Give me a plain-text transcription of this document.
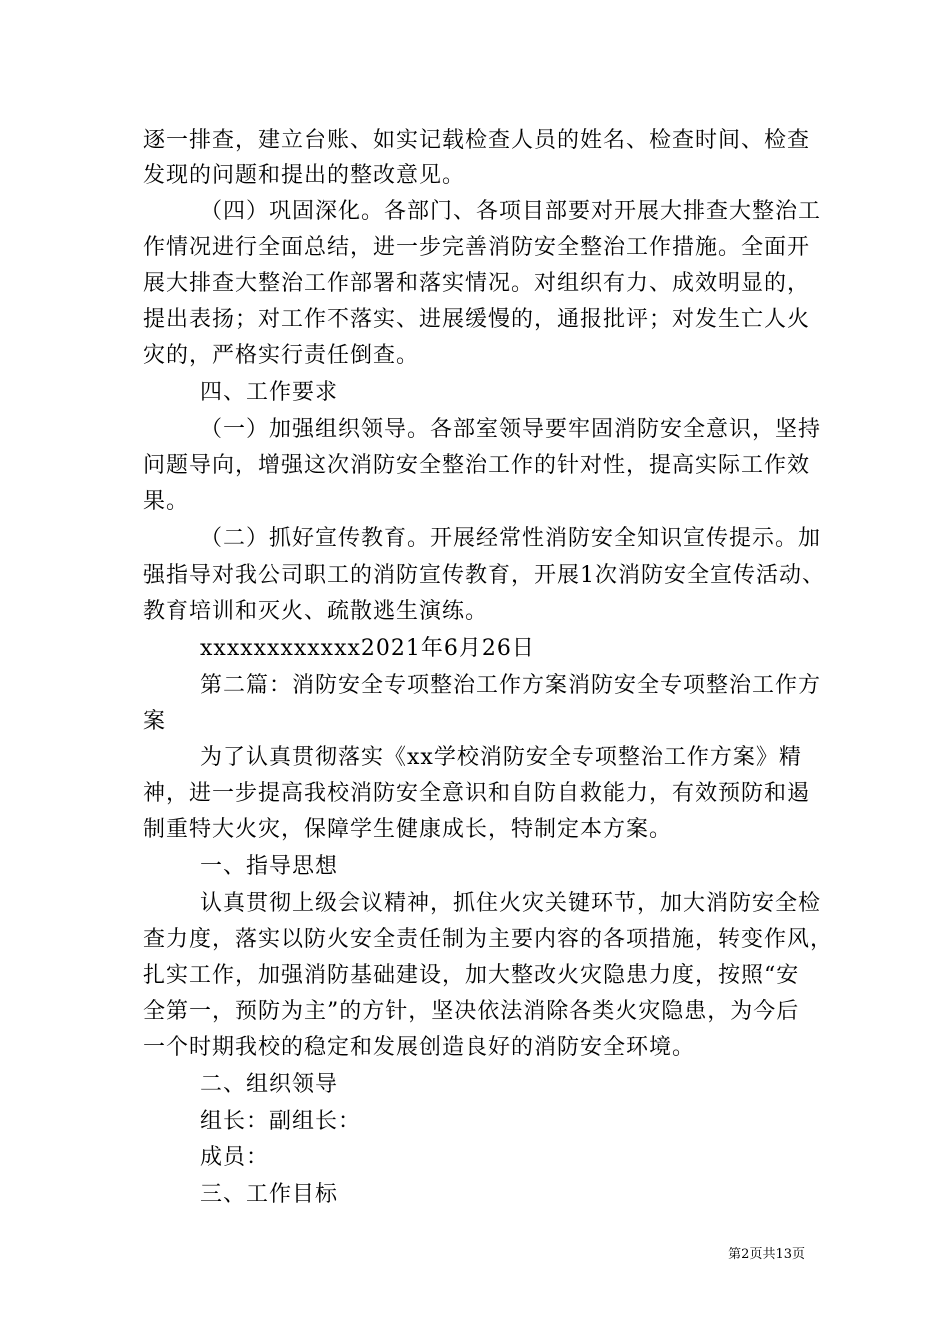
逐一排查，建立台账、如实记载检查人员的姓名、检查时间、检查
发现的问题和提出的整改意见。
（四）巩固深化。各部门、各项目部要对开展大排查大整治工
作情况进行全面总结，进一步完善消防安全整治工作措施。全面开
展大排查大整治工作部署和落实情况。对组织有力、成效明显的，
提出表扬；对工作不落实、进展缓慢的，通报批评；对发生亡人火
灾的，严格实行责任倒查。
四、工作要求
（一）加强组织领导。各部室领导要牢固消防安全意识，坚持
问题导向，增强这次消防安全整治工作的针对性，提高实际工作效
果。
（二）抓好宣传教育。开展经常性消防安全知识宣传提示。加
强指导对我公司职工的消防宣传教育，开展1次消防安全宣传活动、
教育培训和灭火、疏散逃生演练。
xxxxxxxxxxxx2021年6月26日
第二篇：消防安全专项整治工作方案消防安全专项整治工作方
案
为了认真贯彻落实《xx学校消防安全专项整治工作方案》精
神，进一步提高我校消防安全意识和自防自救能力，有效预防和遏
制重特大火灾，保障学生健康成长，特制定本方案。
一、指导思想
认真贯彻上级会议精神，抓住火灾关键环节，加大消防安全检
查力度，落实以防火安全责任制为主要内容的各项措施，转变作风，
扎实工作，加强消防基础建设，加大整改火灾隐患力度，按照“安
全第一，预防为主”的方针，坚决依法消除各类火灾隐患，为今后
一个时期我校的稳定和发展创造良好的消防安全环境。
二、组织领导
组长：副组长：
成员：
三、工作目标
第2页共13页
